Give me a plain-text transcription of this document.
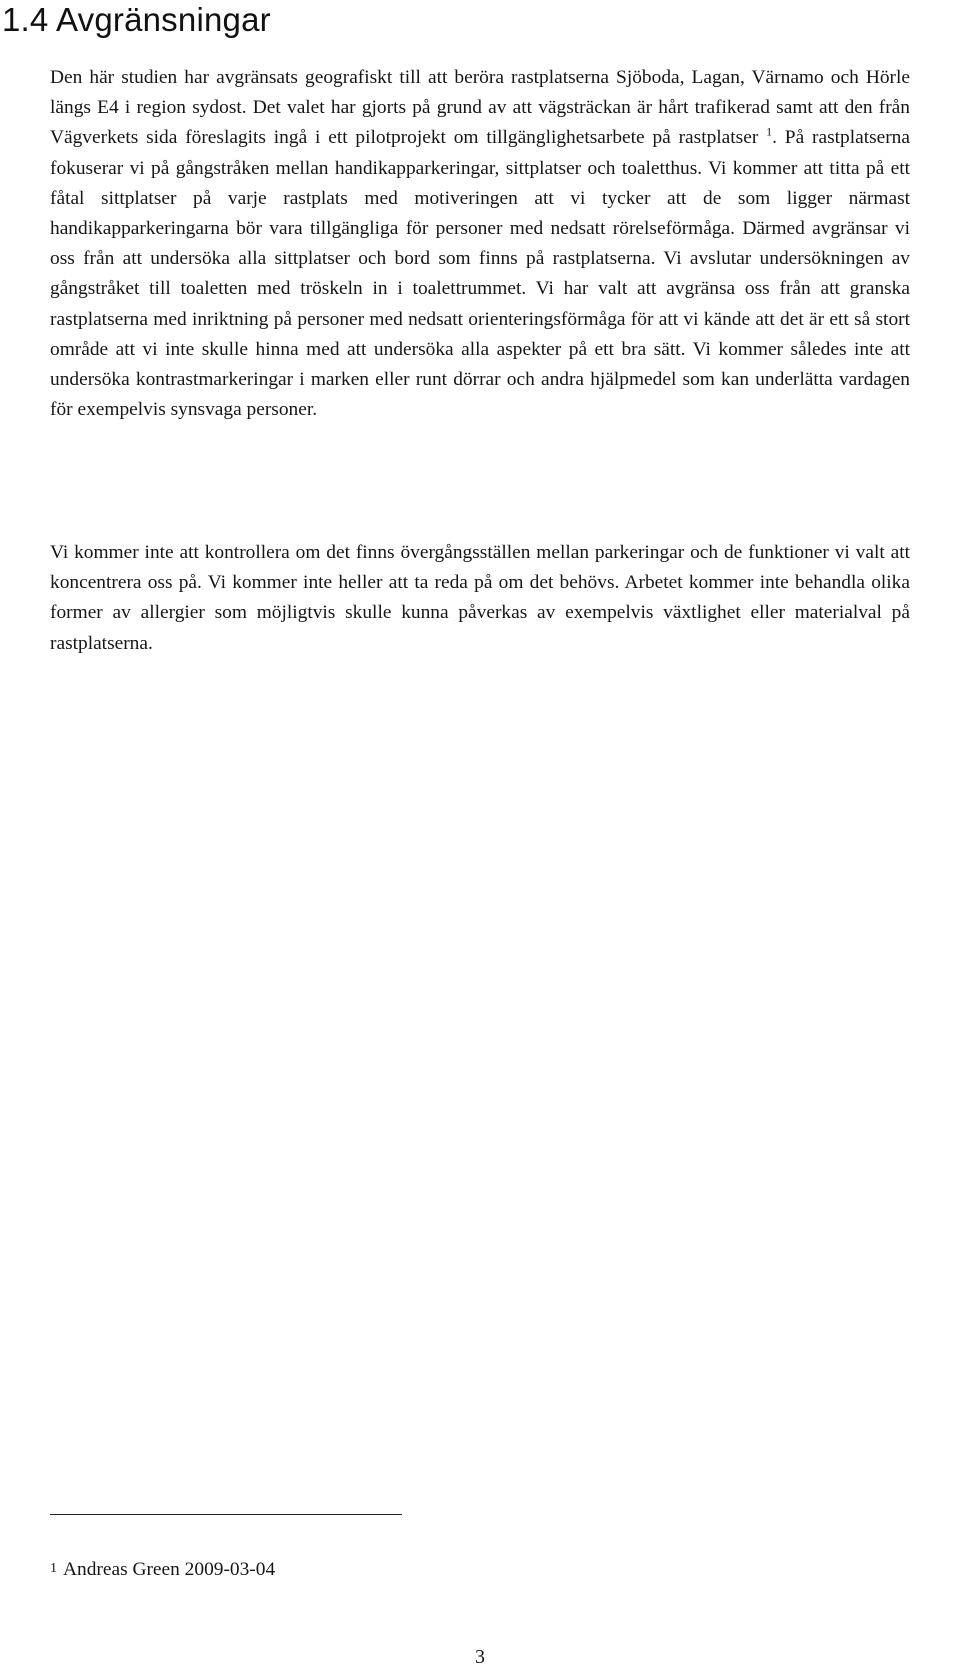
1.4 Avgränsningar

Den här studien har avgränsats geografiskt till att beröra rastplatserna Sjöboda, Lagan, Värnamo och Hörle längs E4 i region sydost. Det valet har gjorts på grund av att vägsträckan är hårt trafikerad samt att den från Vägverkets sida föreslagits ingå i ett pilotprojekt om tillgänglighetsarbete på rastplatser $^1$. På rastplatserna fokuserar vi på gångstråken mellan handikapparkeringar, sittplatser och toaletthus. Vi kommer att titta på ett fåtal sittplatser på varje rastplats med motiveringen att vi tycker att de som ligger närmast handikapparkeringarna bör vara tillgängliga för personer med nedsatt rörelseförmåga. Därmed avgränsar vi oss från att undersöka alla sittplatser och bord som finns på rastplatserna. Vi avslutar undersökningen av gångstråket till toaletten med tröskeln in i toalettrummet. Vi har valt att avgränsa oss från att granska rastplatserna med inriktning på personer med nedsatt orienteringsförmåga för att vi kände att det är ett så stort område att vi inte skulle hinna med att undersöka alla aspekter på ett bra sätt. Vi kommer således inte att undersöka kontrastmarkeringar i marken eller runt dörrar och andra hjälpmedel som kan underlätta vardagen för exempelvis synsvaga personer.

Vi kommer inte att kontrollera om det finns övergångsställen mellan parkeringar och de funktioner vi valt att koncentrera oss på. Vi kommer inte heller att ta reda på om det behövs. Arbetet kommer inte behandla olika former av allergier som möjligtvis skulle kunna påverkas av exempelvis växtlighet eller materialval på rastplatserna.

1 Andreas Green 2009-03-04

3
